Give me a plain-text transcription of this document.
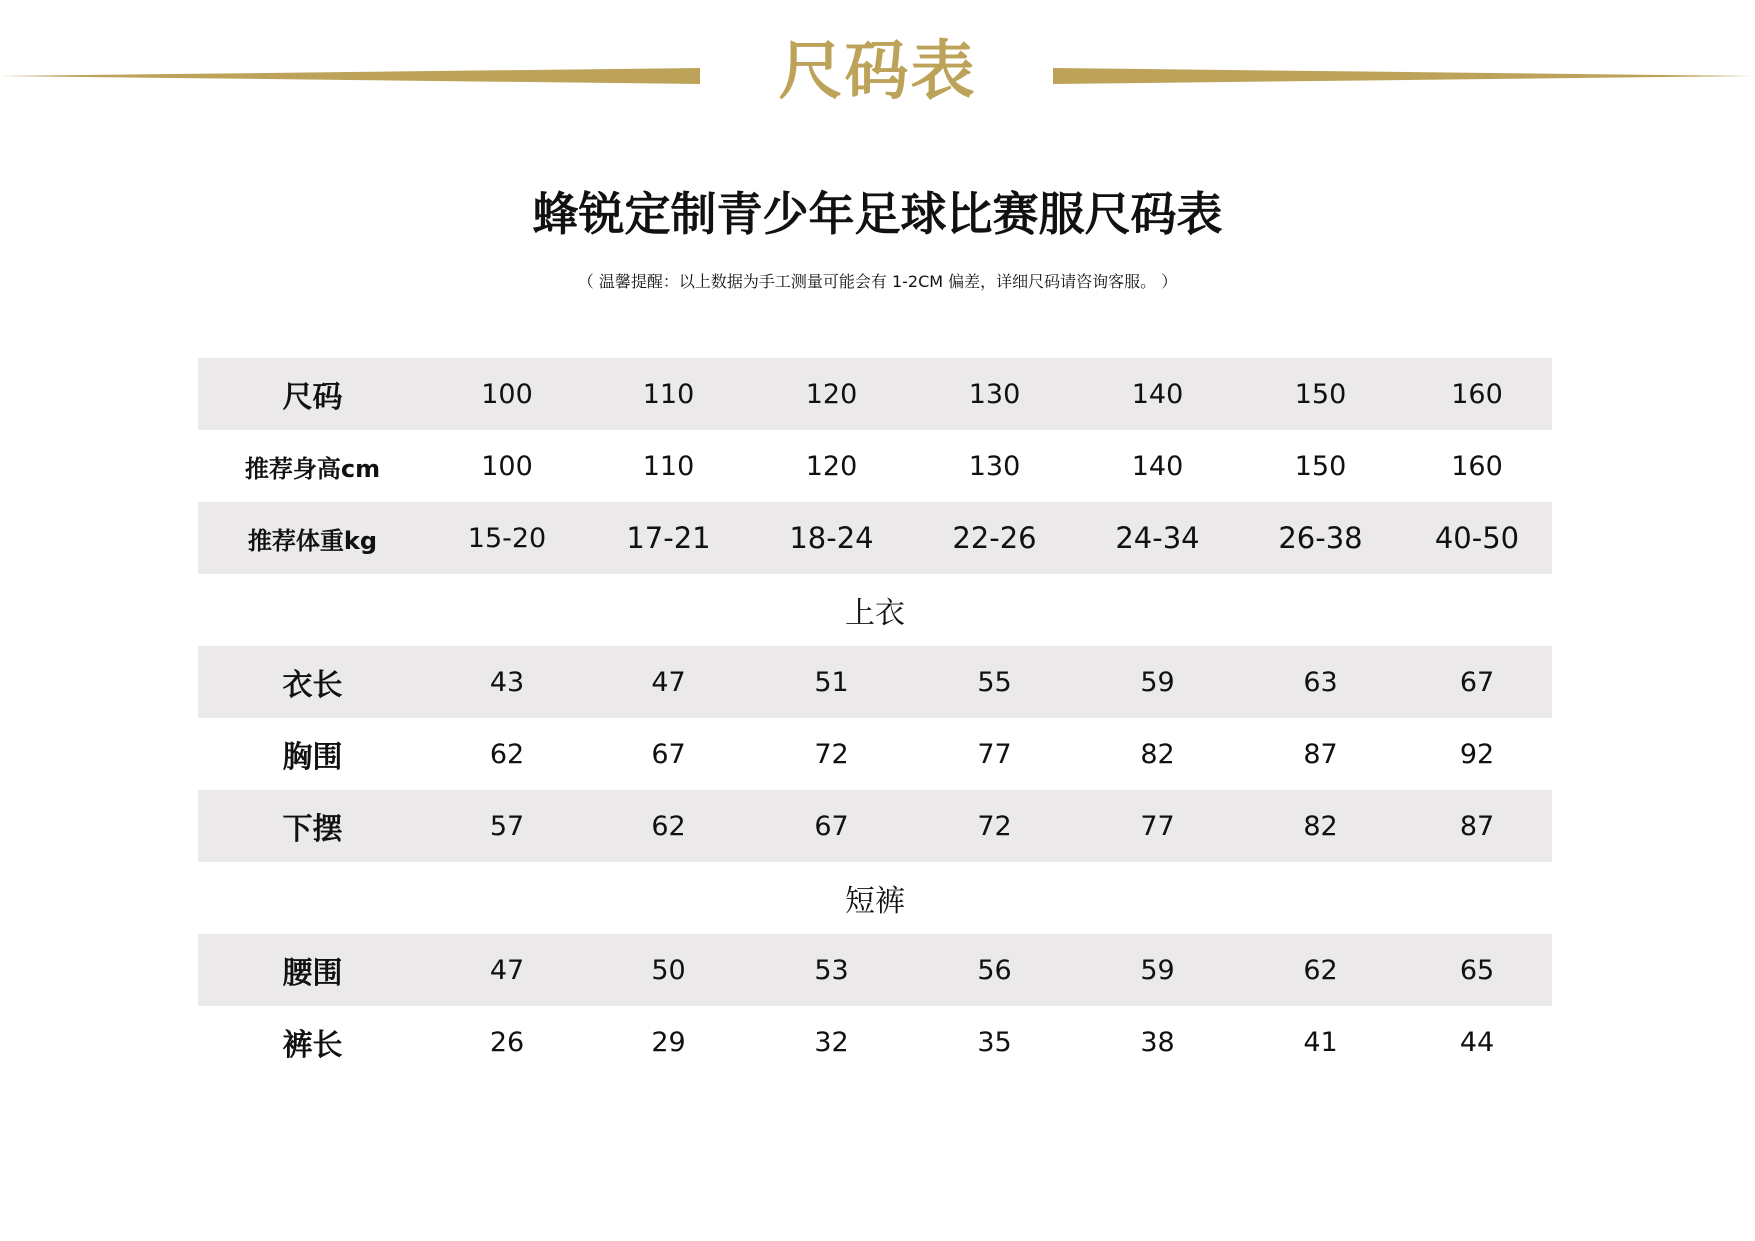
尺码表
蜂锐定制青少年足球比赛服尺码表
（ 温馨提醒：以上数据为手工测量可能会有 1-2CM 偏差，详细尺码请咨询客服。 ）
尺码	100	110	120	130	140	150	160
推荐身高cm	100	110	120	130	140	150	160
推荐体重kg	15-20	17-21	18-24	22-26	24-34	26-38	40-50
上衣							
衣长	43	47	51	55	59	63	67
胸围	62	67	72	77	82	87	92
下摆	57	62	67	72	77	82	87
短裤							
腰围	47	50	53	56	59	62	65
裤长	26	29	32	35	38	41	44
